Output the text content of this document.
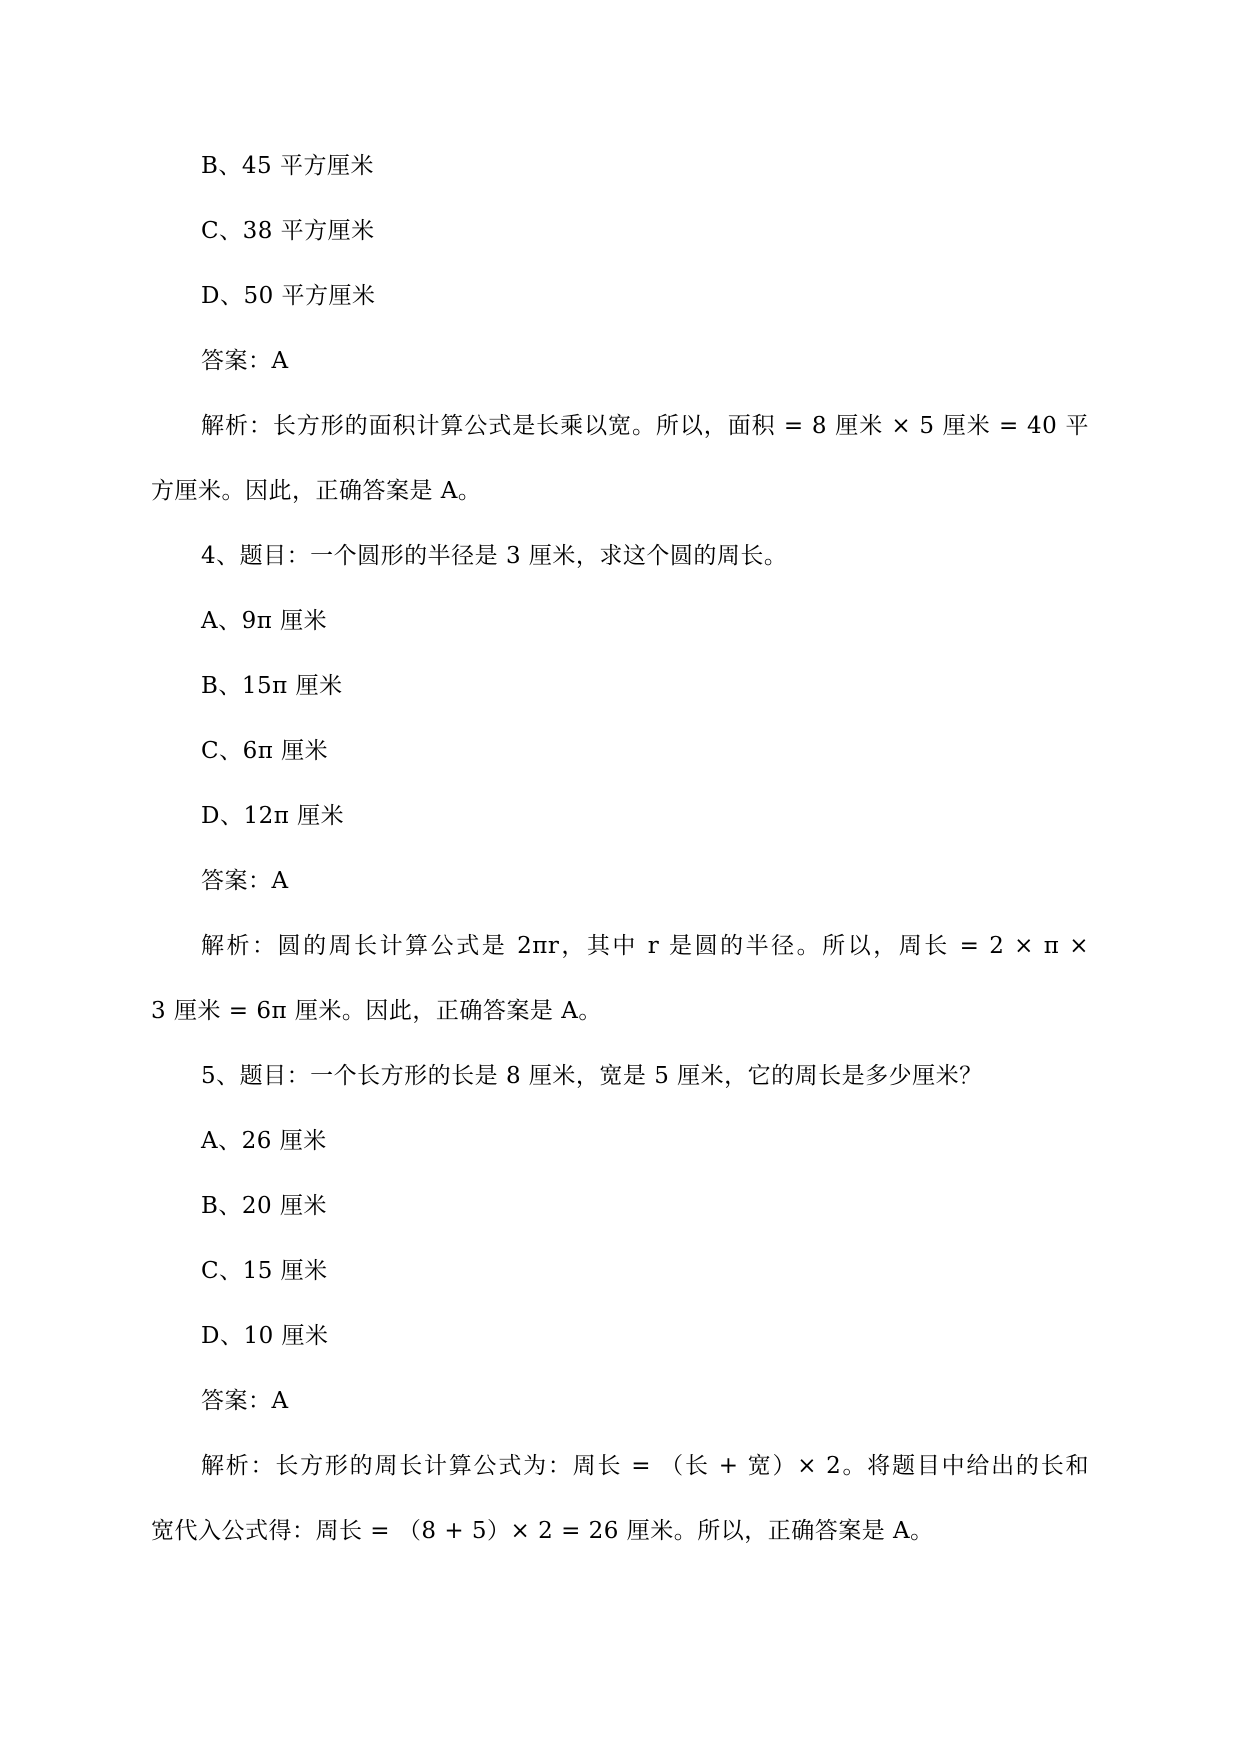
B、45 平方厘米
C、38 平方厘米
D、50 平方厘米
答案：A
解析：长方形的面积计算公式是长乘以宽。所以，面积 = 8 厘米 × 5 厘米 = 40 平
方厘米。因此，正确答案是 A。
4、题目：一个圆形的半径是 3 厘米，求这个圆的周长。
A、9π 厘米
B、15π 厘米
C、6π 厘米
D、12π 厘米
答案：A
解析：圆的周长计算公式是 2πr，其中 r 是圆的半径。所以，周长 = 2 × π ×
3 厘米 = 6π 厘米。因此，正确答案是 A。
5、题目：一个长方形的长是 8 厘米，宽是 5 厘米，它的周长是多少厘米？
A、26 厘米
B、20 厘米
C、15 厘米
D、10 厘米
答案：A
解析：长方形的周长计算公式为：周长 = （长 + 宽）× 2。将题目中给出的长和
宽代入公式得：周长 = （8 + 5）× 2 = 26 厘米。所以，正确答案是 A。
